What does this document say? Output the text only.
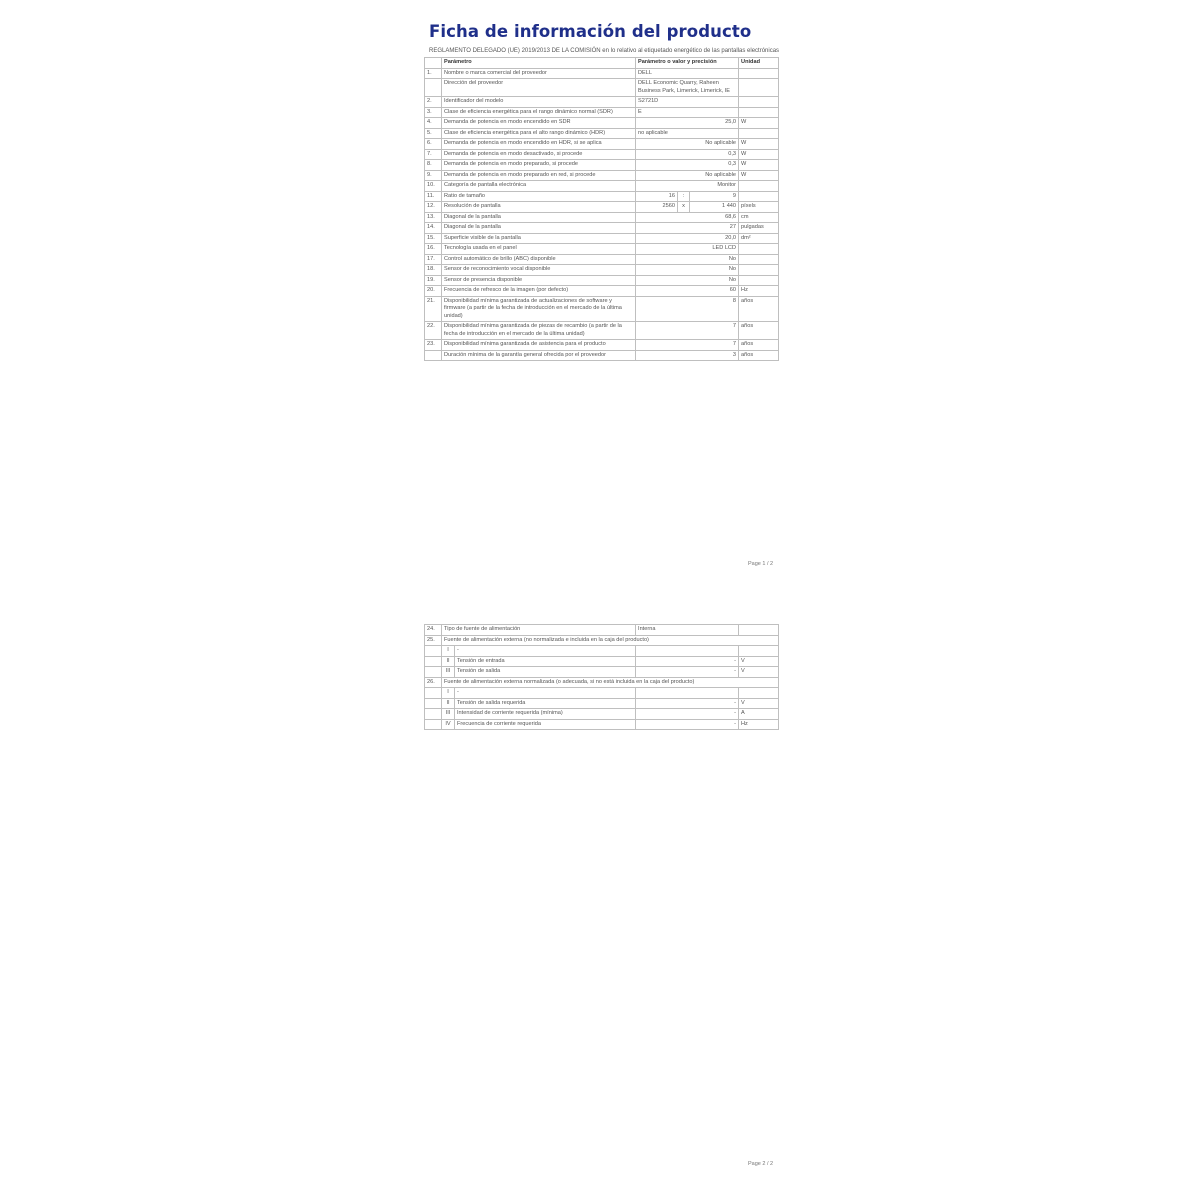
Ficha de información del producto
REGLAMENTO DELEGADO (UE) 2019/2013 DE LA COMISIÓN en lo relativo al etiquetado energético de las pantallas electrónicas
	Parámetro	Parámetro o valor y precisión			Unidad
1.	Nombre o marca comercial del proveedor	DELL			
	Dirección del proveedor	DELL Economic Quarry, Raheen Business Park, Limerick, Limerick, IE			
2.	Identificador del modelo	S2721D			
3.	Clase de eficiencia energética para el rango dinámico normal (SDR)	E			
4.	Demanda de potencia en modo encendido en SDR	25,0			W
5.	Clase de eficiencia energética para el alto rango dinámico (HDR)	no aplicable			
6.	Demanda de potencia en modo encendido en HDR, si se aplica	No aplicable			W
7.	Demanda de potencia en modo desactivado, si procede	0,3			W
8.	Demanda de potencia en modo preparado, si procede	0,3			W
9.	Demanda de potencia en modo preparado en red, si procede	No aplicable			W
10.	Categoría de pantalla electrónica	Monitor			
11.	Ratio de tamaño	16	:	9	
12.	Resolución de pantalla	2560	x	1 440	píxels
13.	Diagonal de la pantalla	68,6			cm
14.	Diagonal de la pantalla	27			pulgadas
15.	Superficie visible de la pantalla	20,0			dm²
16.	Tecnología usada en el panel	LED LCD			
17.	Control automático de brillo (ABC) disponible	No			
18.	Sensor de reconocimiento vocal disponible	No			
19.	Sensor de presencia disponible	No			
20.	Frecuencia de refresco de la imagen (por defecto)	60			Hz
21.	Disponibilidad mínima garantizada de actualizaciones de software y firmware (a partir de la fecha de introducción en el mercado de la última unidad)	8			años
22.	Disponibilidad mínima garantizada de piezas de recambio (a partir de la fecha de introducción en el mercado de la última unidad)	7			años
23.	Disponibilidad mínima garantizada de asistencia para el producto	7			años
	Duración mínima de la garantía general ofrecida por el proveedor	3			años
Page 1 / 2
24.	Tipo de fuente de alimentación		Interna	
25.	Fuente de alimentación externa (no normalizada e incluida en la caja del producto)			
	I	-		
	II	Tensión de entrada	-	V
	III	Tensión de salida	-	V
26.	Fuente de alimentación externa normalizada (o adecuada, si no está incluida en la caja del producto)			
	I	-		
	II	Tensión de salida requerida	-	V
	III	Intensidad de corriente requerida (mínima)	-	A
	IV	Frecuencia de corriente requerida	-	Hz
Page 2 / 2
